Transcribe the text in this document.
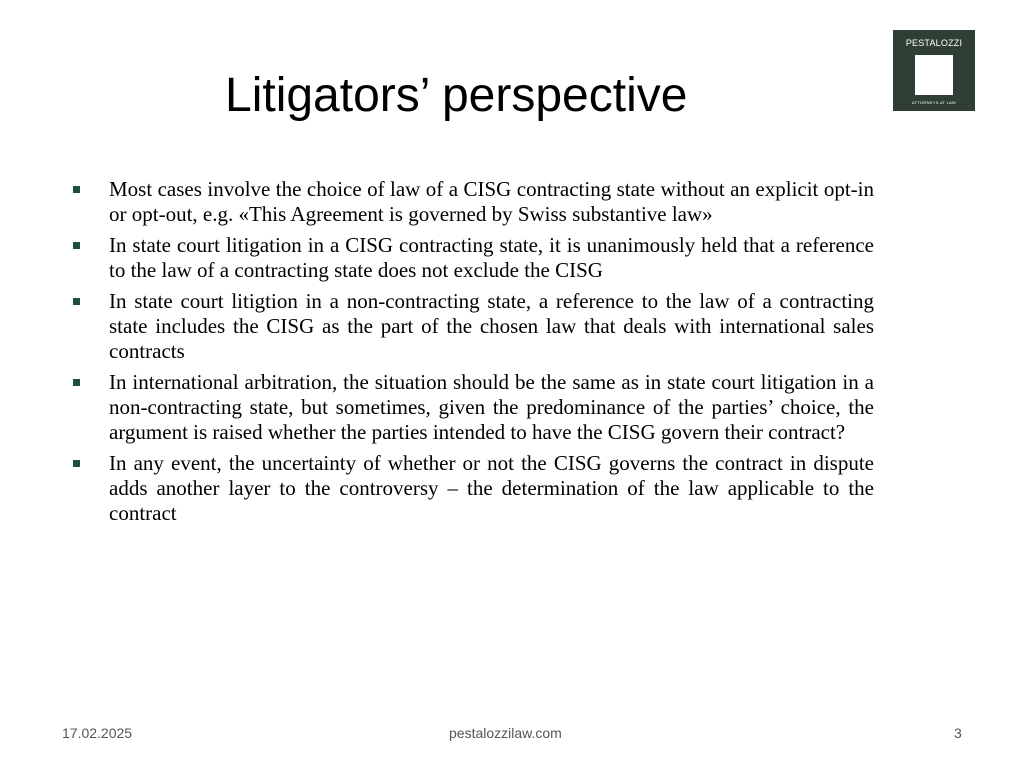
Litigators’ perspective
PESTALOZZI
ATTORNEYS AT LAW
Most cases involve the choice of law of a CISG contracting state without an explicit opt-in or opt-out, e.g. «This Agreement is governed by Swiss substantive law»
In state court litigation in a CISG contracting state, it is unanimously held that a reference to the law of a contracting state does not exclude the CISG
In state court litigtion in a non-contracting state, a reference to the law of a contracting state includes the CISG as the part of the chosen law that deals with international sales contracts
In international arbitration, the situation should be the same as in state court litigation in a non-contracting state, but sometimes, given the predominance of the parties’ choice, the argument is raised whether the parties intended to have the CISG govern their contract?
In any event, the uncertainty of whether or not the CISG governs the contract in dispute adds another layer to the controversy – the determination of the law applicable to the contract
17.02.2025	pestalozzilaw.com	3
